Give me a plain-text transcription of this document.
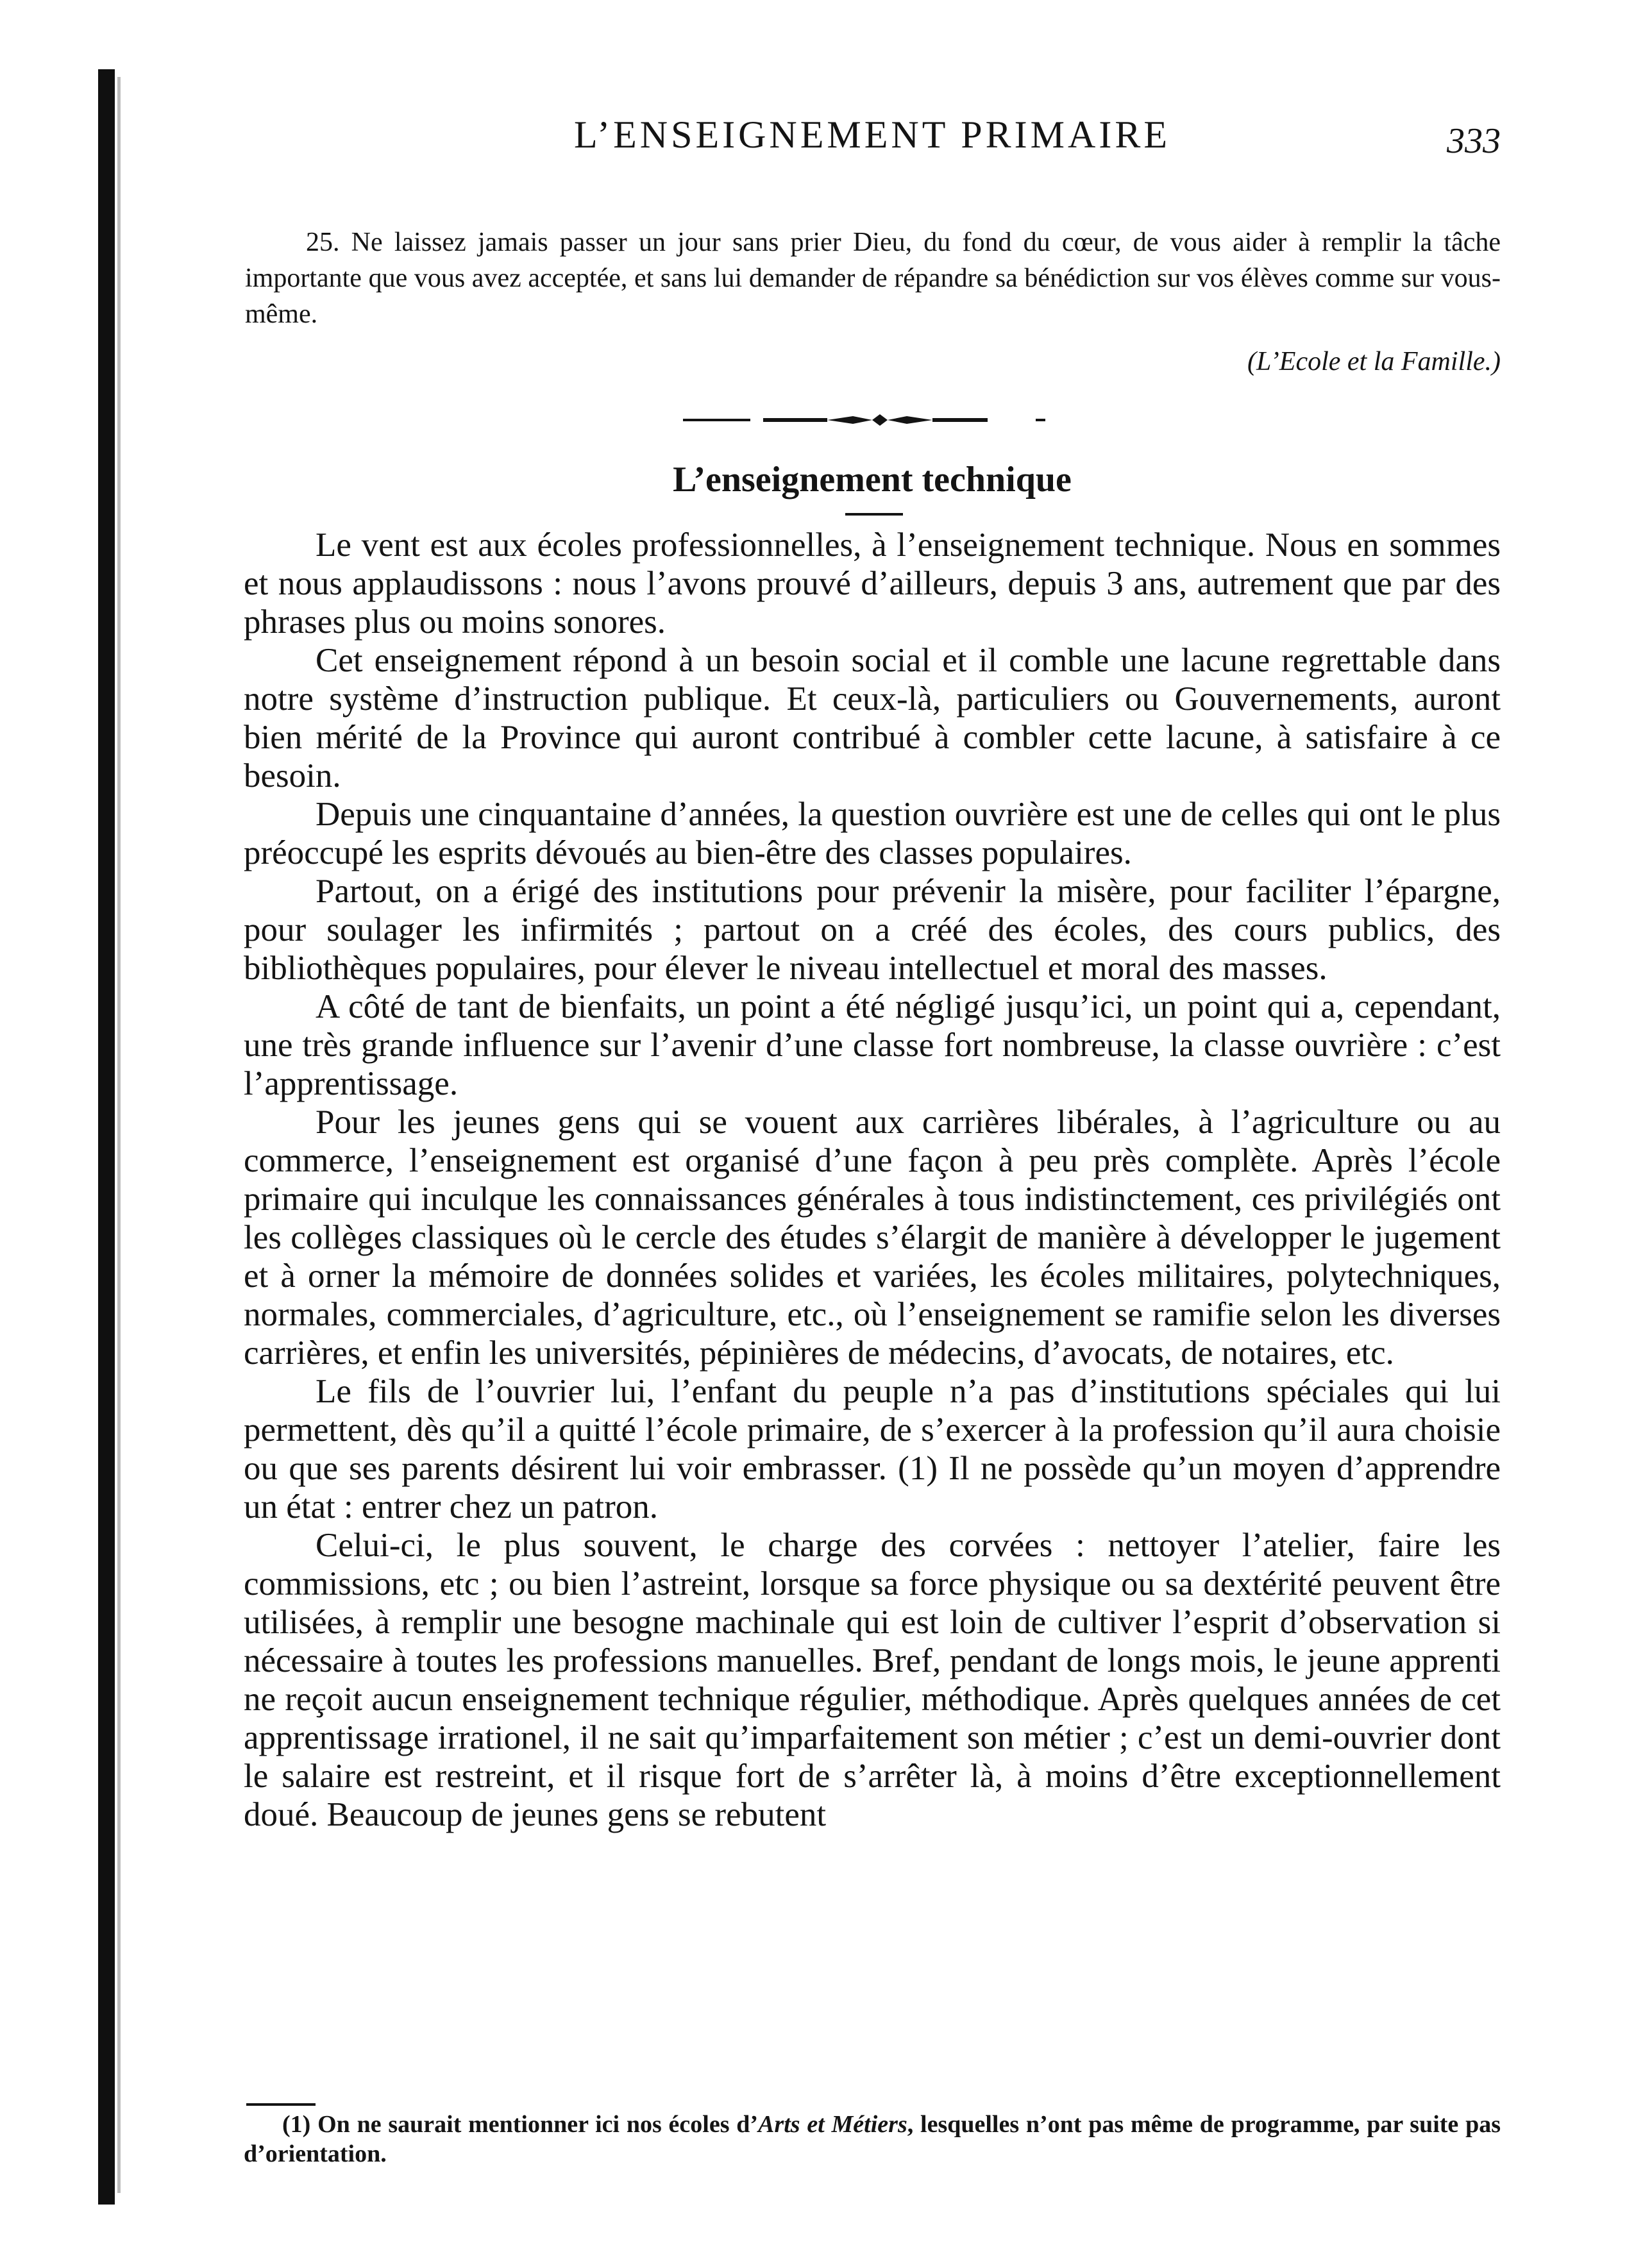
L’ENSEIGNEMENT PRIMAIRE	333

25. Ne laissez jamais passer un jour sans prier Dieu, du fond du cœur, de vous aider à remplir la tâche importante que vous avez acceptée, et sans lui demander de répandre sa bénédiction sur vos élèves comme sur vous-même.

(L’Ecole et la Famille.)
L’enseignement technique

Le vent est aux écoles professionnelles, à l’enseignement technique. Nous en sommes et nous applaudissons : nous l’avons prouvé d’ailleurs, depuis 3 ans, autrement que par des phrases plus ou moins sonores.

Cet enseignement répond à un besoin social et il comble une lacune regrettable dans notre système d’instruction publique. Et ceux-là, particuliers ou Gouvernements, auront bien mérité de la Province qui auront contribué à combler cette lacune, à satisfaire à ce besoin.

Depuis une cinquantaine d’années, la question ouvrière est une de celles qui ont le plus préoccupé les esprits dévoués au bien-être des classes populaires.

Partout, on a érigé des institutions pour prévenir la misère, pour faciliter l’épargne, pour soulager les infirmités ; partout on a créé des écoles, des cours publics, des bibliothèques populaires, pour élever le niveau intellectuel et moral des masses.

A côté de tant de bienfaits, un point a été négligé jusqu’ici, un point qui a, cependant, une très grande influence sur l’avenir d’une classe fort nombreuse, la classe ouvrière : c’est l’apprentissage.

Pour les jeunes gens qui se vouent aux carrières libérales, à l’agriculture ou au commerce, l’enseignement est organisé d’une façon à peu près complète. Après l’école primaire qui inculque les connaissances générales à tous indistinctement, ces privilégiés ont les collèges classiques où le cercle des études s’élargit de manière à développer le jugement et à orner la mémoire de données solides et variées, les écoles militaires, polytechniques, normales, commerciales, d’agriculture, etc., où l’enseignement se ramifie selon les diverses carrières, et enfin les universités, pépinières de médecins, d’avocats, de notaires, etc.

Le fils de l’ouvrier lui, l’enfant du peuple n’a pas d’institutions spéciales qui lui permettent, dès qu’il a quitté l’école primaire, de s’exercer à la profession qu’il aura choisie ou que ses parents désirent lui voir embrasser. (1) Il ne possède qu’un moyen d’apprendre un état : entrer chez un patron.

Celui-ci, le plus souvent, le charge des corvées : nettoyer l’atelier, faire les commissions, etc ; ou bien l’astreint, lorsque sa force physique ou sa dextérité peuvent être utilisées, à remplir une besogne machinale qui est loin de cultiver l’esprit d’observation si nécessaire à toutes les professions manuelles. Bref, pendant de longs mois, le jeune apprenti ne reçoit aucun enseignement technique régulier, méthodique. Après quelques années de cet apprentissage irrationel, il ne sait qu’imparfaitement son métier ; c’est un demi-ouvrier dont le salaire est restreint, et il risque fort de s’arrêter là, à moins d’être exceptionnellement doué. Beaucoup de jeunes gens se rebutent

(1) On ne saurait mentionner ici nos écoles d’Arts et Métiers, lesquelles n’ont pas même de programme, par suite pas d’orientation.
